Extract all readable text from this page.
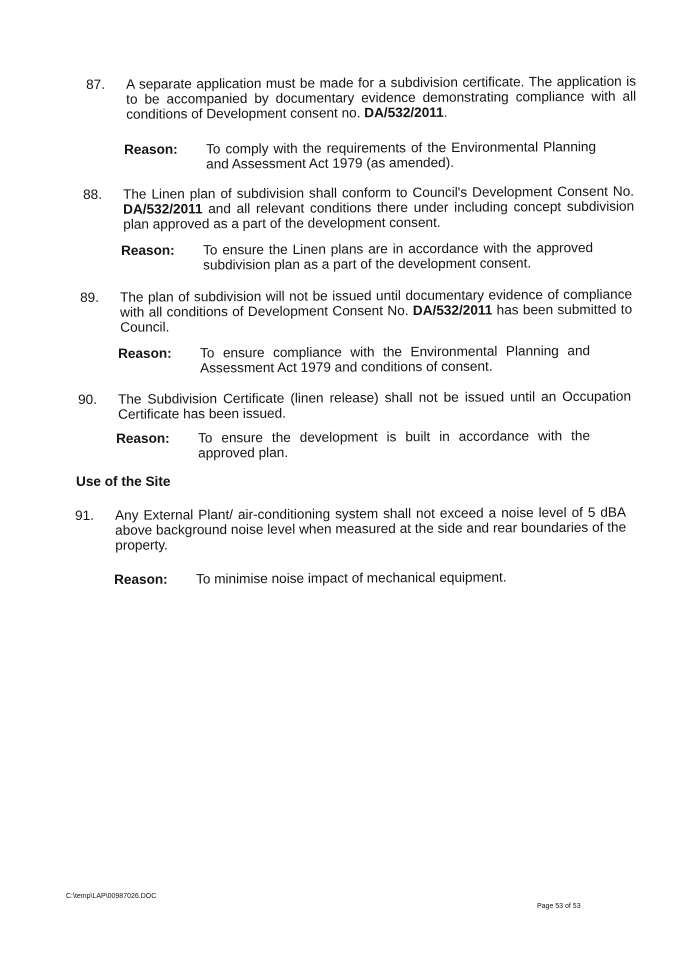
87.	A separate application must be made for a subdivision certificate. The application is to be accompanied by documentary evidence demonstrating compliance with all conditions of Development consent no. DA/532/2011.
Reason: To comply with the requirements of the Environmental Planning and Assessment Act 1979 (as amended).
88.	The Linen plan of subdivision shall conform to Council's Development Consent No. DA/532/2011 and all relevant conditions there under including concept subdivision plan approved as a part of the development consent.
Reason: To ensure the Linen plans are in accordance with the approved subdivision plan as a part of the development consent.
89.	The plan of subdivision will not be issued until documentary evidence of compliance with all conditions of Development Consent No. DA/532/2011 has been submitted to Council.
Reason: To ensure compliance with the Environmental Planning and Assessment Act 1979 and conditions of consent.
90.	The Subdivision Certificate (linen release) shall not be issued until an Occupation Certificate has been issued.
Reason: To ensure the development is built in accordance with the approved plan.
Use of the Site
91.	Any External Plant/ air-conditioning system shall not exceed a noise level of 5 dBA above background noise level when measured at the side and rear boundaries of the property.
Reason: To minimise noise impact of mechanical equipment.
C:\temp\LAP\00987026.DOC
Page 53 of 53
